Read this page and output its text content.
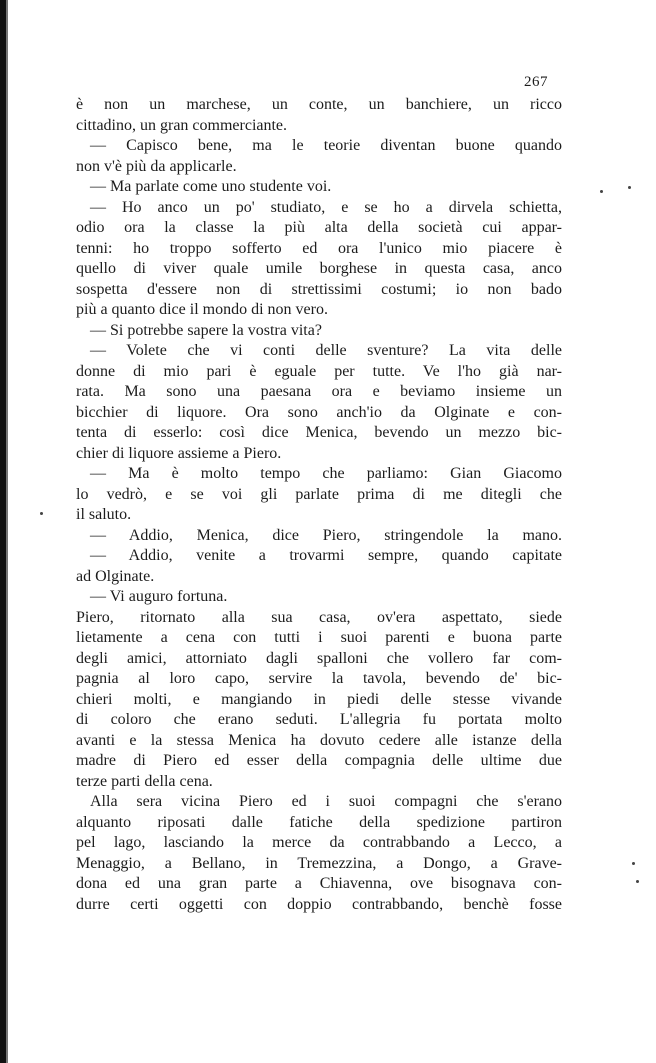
267
è non un marchese, un conte, un banchiere, un ricco
cittadino, un gran commerciante.
— Capisco bene, ma le teorie diventan buone quando
non v'è più da applicarle.
— Ma parlate come uno studente voi.
— Ho anco un po' studiato, e se ho a dirvela schietta,
odio ora la classe la più alta della società cui appar-
tenni: ho troppo sofferto ed ora l'unico mio piacere è
quello di viver quale umile borghese in questa casa, anco
sospetta d'essere non di strettissimi costumi; io non bado
più a quanto dice il mondo di non vero.
— Si potrebbe sapere la vostra vita?
— Volete che vi conti delle sventure? La vita delle
donne di mio pari è eguale per tutte. Ve l'ho già nar-
rata. Ma sono una paesana ora e beviamo insieme un
bicchier di liquore. Ora sono anch'io da Olginate e con-
tenta di esserlo: così dice Menica, bevendo un mezzo bic-
chier di liquore assieme a Piero.
— Ma è molto tempo che parliamo: Gian Giacomo
lo vedrò, e se voi gli parlate prima di me ditegli che
il saluto.
— Addio, Menica, dice Piero, stringendole la mano.
— Addio, venite a trovarmi sempre, quando capitate
ad Olginate.
— Vi auguro fortuna.
Piero, ritornato alla sua casa, ov'era aspettato, siede
lietamente a cena con tutti i suoi parenti e buona parte
degli amici, attorniato dagli spalloni che vollero far com-
pagnia al loro capo, servire la tavola, bevendo de' bic-
chieri molti, e mangiando in piedi delle stesse vivande
di coloro che erano seduti. L'allegria fu portata molto
avanti e la stessa Menica ha dovuto cedere alle istanze della
madre di Piero ed esser della compagnia delle ultime due
terze parti della cena.
Alla sera vicina Piero ed i suoi compagni che s'erano
alquanto riposati dalle fatiche della spedizione partiron
pel lago, lasciando la merce da contrabbando a Lecco, a
Menaggio, a Bellano, in Tremezzina, a Dongo, a Grave-
dona ed una gran parte a Chiavenna, ove bisognava con-
durre certi oggetti con doppio contrabbando, benchè fosse
